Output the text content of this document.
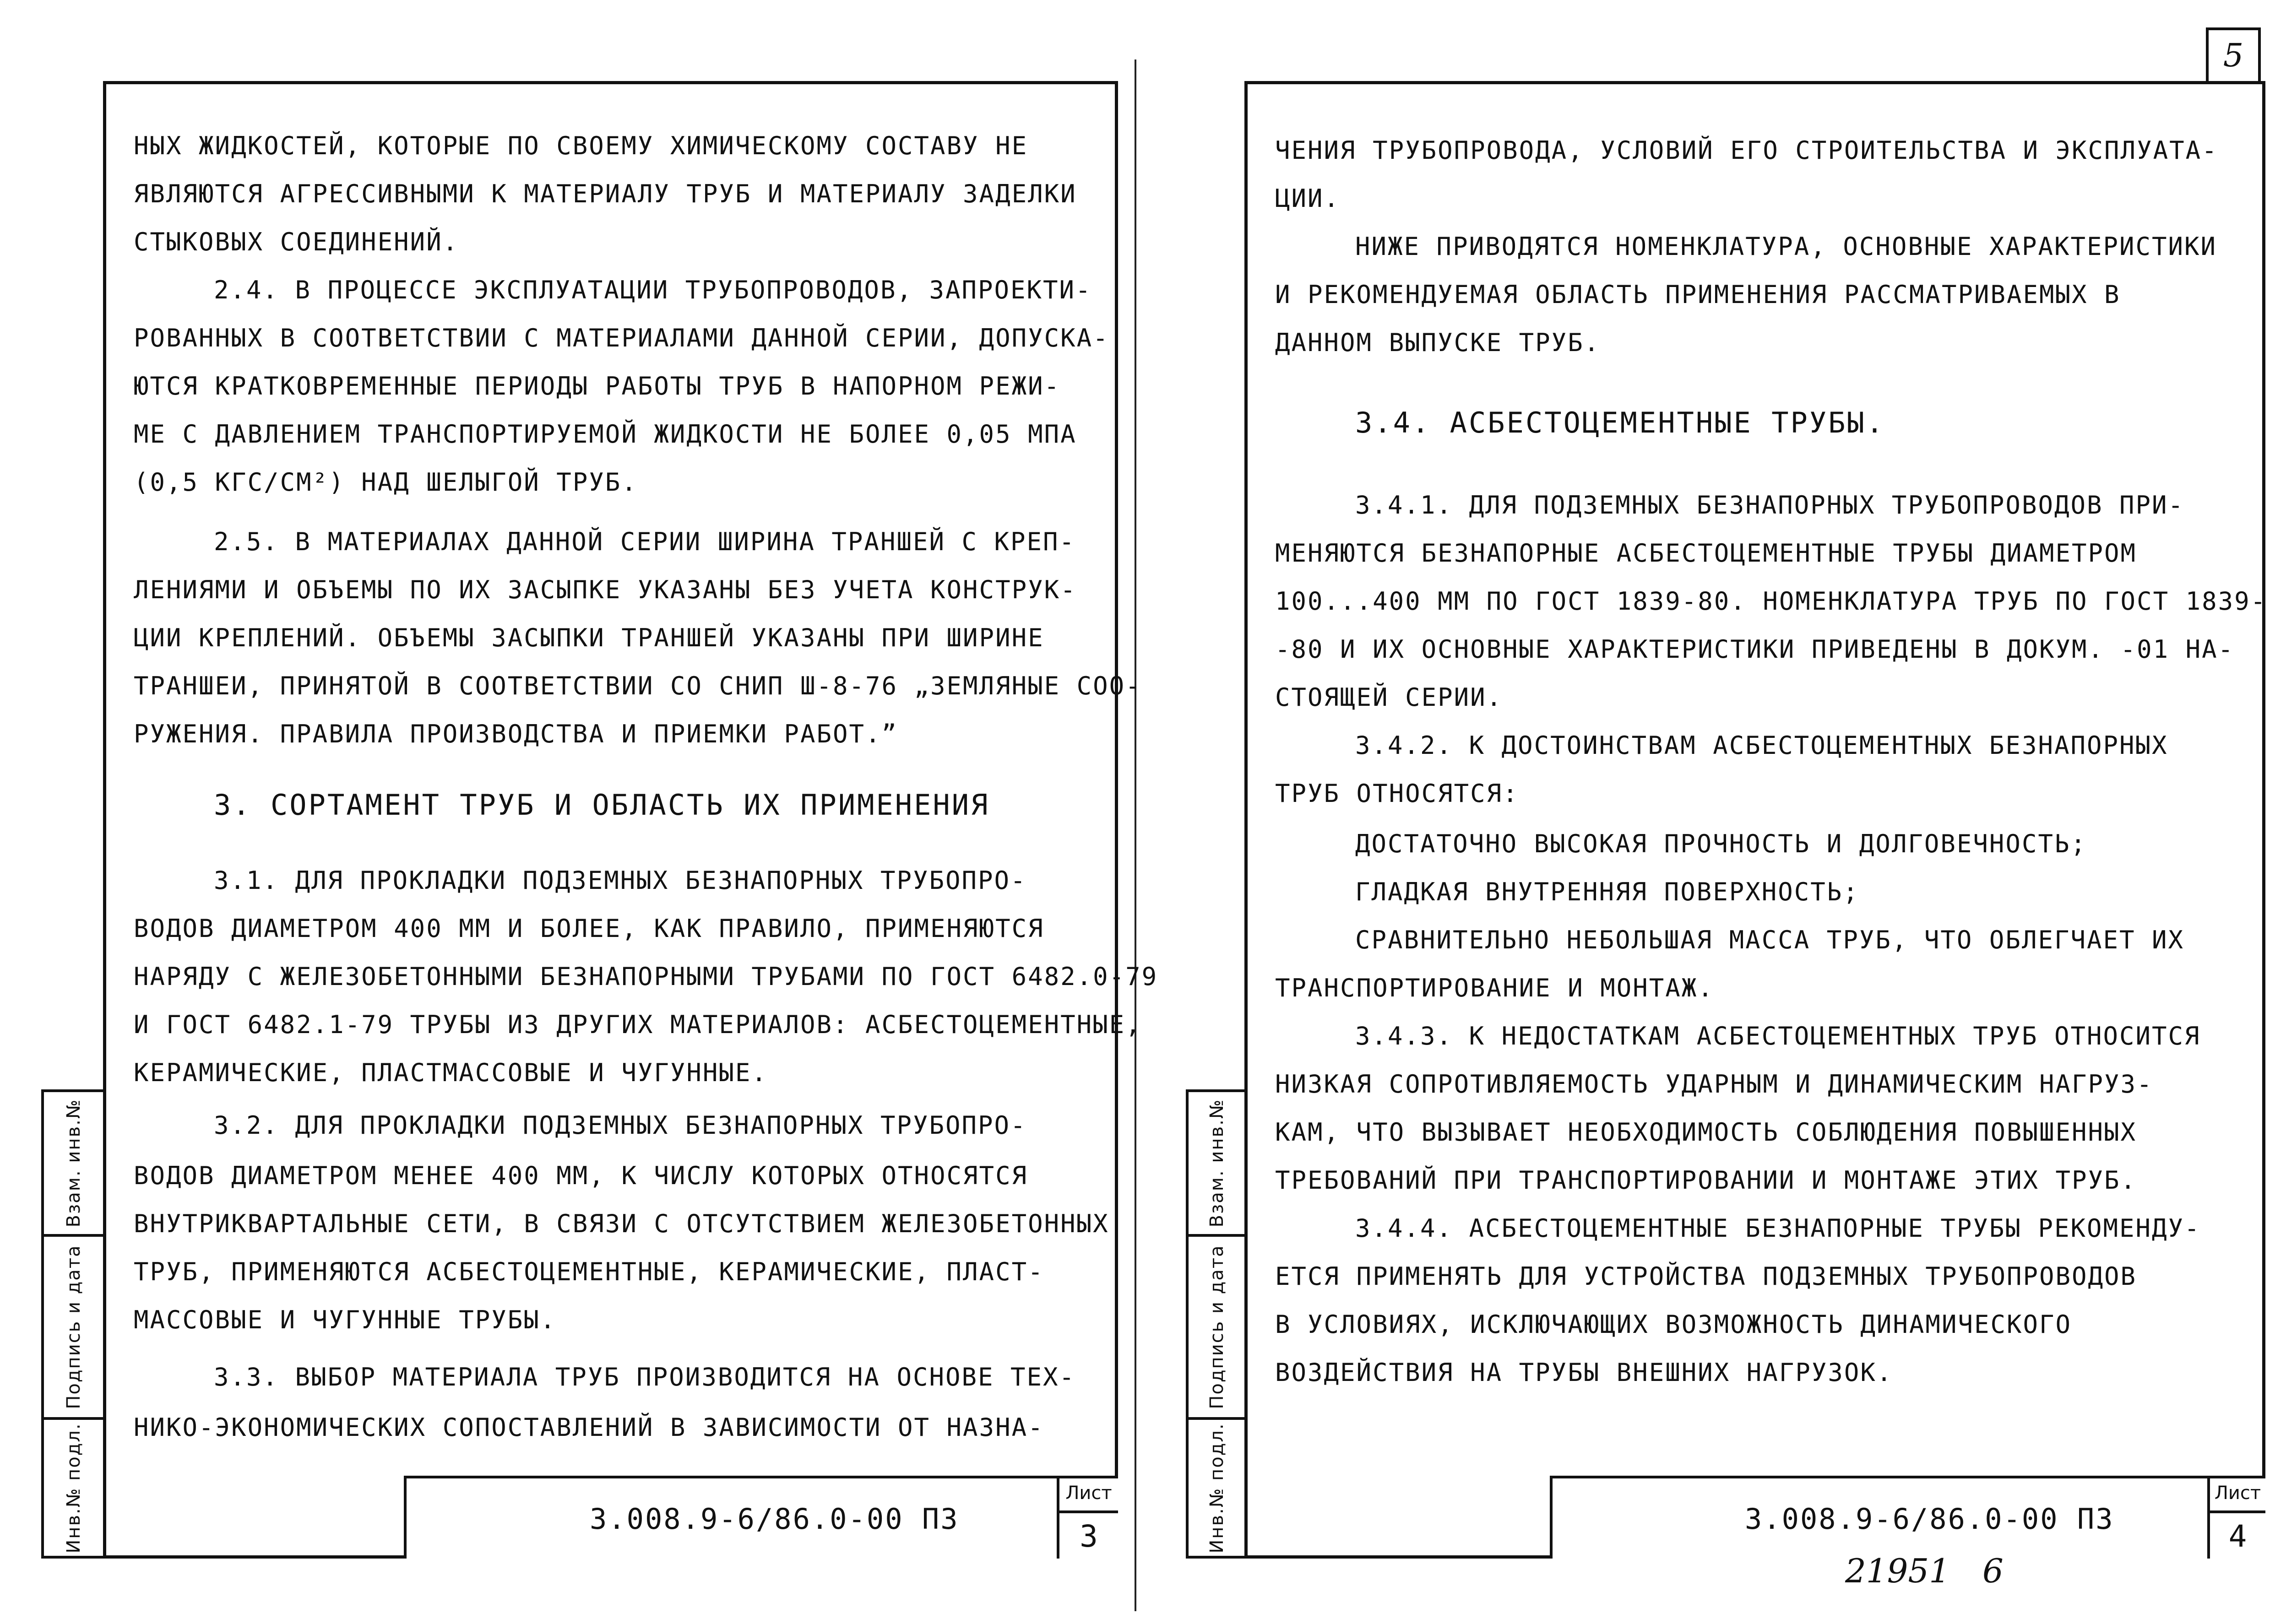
5
НЫХ ЖИДКОСТЕЙ, КОТОРЫЕ ПО СВОЕМУ ХИМИЧЕСКОМУ СОСТАВУ НЕ
ЯВЛЯЮТСЯ АГРЕССИВНЫМИ К МАТЕРИАЛУ ТРУБ И МАТЕРИАЛУ ЗАДЕЛКИ
СТЫКОВЫХ СОЕДИНЕНИЙ.
2.4. В ПРОЦЕССЕ ЭКСПЛУАТАЦИИ ТРУБОПРОВОДОВ, ЗАПРОЕКТИ-
РОВАННЫХ В СООТВЕТСТВИИ С МАТЕРИАЛАМИ ДАННОЙ СЕРИИ, ДОПУСКА-
ЮТСЯ КРАТКОВРЕМЕННЫЕ ПЕРИОДЫ РАБОТЫ ТРУБ В НАПОРНОМ РЕЖИ-
МЕ С ДАВЛЕНИЕМ ТРАНСПОРТИРУЕМОЙ ЖИДКОСТИ НЕ БОЛЕЕ 0,05 МПА
(0,5 КГС/СМ²) НАД ШЕЛЫГОЙ ТРУБ.
2.5. В МАТЕРИАЛАХ ДАННОЙ СЕРИИ ШИРИНА ТРАНШЕЙ С КРЕП-
ЛЕНИЯМИ И ОБЪЕМЫ ПО ИХ ЗАСЫПКЕ УКАЗАНЫ БЕЗ УЧЕТА КОНСТРУК-
ЦИИ КРЕПЛЕНИЙ. ОБЪЕМЫ ЗАСЫПКИ ТРАНШЕЙ УКАЗАНЫ ПРИ ШИРИНЕ
ТРАНШЕИ, ПРИНЯТОЙ В СООТВЕТСТВИИ СО СНИП Ш-8-76 „ЗЕМЛЯНЫЕ СОО-
РУЖЕНИЯ. ПРАВИЛА ПРОИЗВОДСТВА И ПРИЕМКИ РАБОТ.”
3. СОРТАМЕНТ ТРУБ И ОБЛАСТЬ ИХ ПРИМЕНЕНИЯ
3.1. ДЛЯ ПРОКЛАДКИ ПОДЗЕМНЫХ БЕЗНАПОРНЫХ ТРУБОПРО-
ВОДОВ ДИАМЕТРОМ 400 ММ И БОЛЕЕ, КАК ПРАВИЛО, ПРИМЕНЯЮТСЯ
НАРЯДУ С ЖЕЛЕЗОБЕТОННЫМИ БЕЗНАПОРНЫМИ ТРУБАМИ ПО ГОСТ 6482.0-79
И ГОСТ 6482.1-79 ТРУБЫ ИЗ ДРУГИХ МАТЕРИАЛОВ: АСБЕСТОЦЕМЕНТНЫЕ,
КЕРАМИЧЕСКИЕ, ПЛАСТМАССОВЫЕ И ЧУГУННЫЕ.
3.2. ДЛЯ ПРОКЛАДКИ ПОДЗЕМНЫХ БЕЗНАПОРНЫХ ТРУБОПРО-
ВОДОВ ДИАМЕТРОМ МЕНЕЕ 400 ММ, К ЧИСЛУ КОТОРЫХ ОТНОСЯТСЯ
ВНУТРИКВАРТАЛЬНЫЕ СЕТИ, В СВЯЗИ С ОТСУТСТВИЕМ ЖЕЛЕЗОБЕТОННЫХ
ТРУБ, ПРИМЕНЯЮТСЯ АСБЕСТОЦЕМЕНТНЫЕ, КЕРАМИЧЕСКИЕ, ПЛАСТ-
МАССОВЫЕ И ЧУГУННЫЕ ТРУБЫ.
3.3. ВЫБОР МАТЕРИАЛА ТРУБ ПРОИЗВОДИТСЯ НА ОСНОВЕ ТЕХ-
НИКО-ЭКОНОМИЧЕСКИХ СОПОСТАВЛЕНИЙ В ЗАВИСИМОСТИ ОТ НАЗНА-
3.008.9-6/86.0-00 ПЗ
Лист
3
Взам. инв.№
Подпись и дата
Инв.№ подл.
ЧЕНИЯ ТРУБОПРОВОДА, УСЛОВИЙ ЕГО СТРОИТЕЛЬСТВА И ЭКСПЛУАТА-
ЦИИ.
НИЖЕ ПРИВОДЯТСЯ НОМЕНКЛАТУРА, ОСНОВНЫЕ ХАРАКТЕРИСТИКИ
И РЕКОМЕНДУЕМАЯ ОБЛАСТЬ ПРИМЕНЕНИЯ РАССМАТРИВАЕМЫХ В
ДАННОМ ВЫПУСКЕ ТРУБ.
3.4. АСБЕСТОЦЕМЕНТНЫЕ ТРУБЫ.
3.4.1. ДЛЯ ПОДЗЕМНЫХ БЕЗНАПОРНЫХ ТРУБОПРОВОДОВ ПРИ-
МЕНЯЮТСЯ БЕЗНАПОРНЫЕ АСБЕСТОЦЕМЕНТНЫЕ ТРУБЫ ДИАМЕТРОМ
100...400 ММ ПО ГОСТ 1839-80. НОМЕНКЛАТУРА ТРУБ ПО ГОСТ 1839-
-80 И ИХ ОСНОВНЫЕ ХАРАКТЕРИСТИКИ ПРИВЕДЕНЫ В ДОКУМ. -01 НА-
СТОЯЩЕЙ СЕРИИ.
3.4.2. К ДОСТОИНСТВАМ АСБЕСТОЦЕМЕНТНЫХ БЕЗНАПОРНЫХ
ТРУБ ОТНОСЯТСЯ:
ДОСТАТОЧНО ВЫСОКАЯ ПРОЧНОСТЬ И ДОЛГОВЕЧНОСТЬ;
ГЛАДКАЯ ВНУТРЕННЯЯ ПОВЕРХНОСТЬ;
СРАВНИТЕЛЬНО НЕБОЛЬШАЯ МАССА ТРУБ, ЧТО ОБЛЕГЧАЕТ ИХ
ТРАНСПОРТИРОВАНИЕ И МОНТАЖ.
3.4.3. К НЕДОСТАТКАМ АСБЕСТОЦЕМЕНТНЫХ ТРУБ ОТНОСИТСЯ
НИЗКАЯ СОПРОТИВЛЯЕМОСТЬ УДАРНЫМ И ДИНАМИЧЕСКИМ НАГРУЗ-
КАМ, ЧТО ВЫЗЫВАЕТ НЕОБХОДИМОСТЬ СОБЛЮДЕНИЯ ПОВЫШЕННЫХ
ТРЕБОВАНИЙ ПРИ ТРАНСПОРТИРОВАНИИ И МОНТАЖЕ ЭТИХ ТРУБ.
3.4.4. АСБЕСТОЦЕМЕНТНЫЕ БЕЗНАПОРНЫЕ ТРУБЫ РЕКОМЕНДУ-
ЕТСЯ ПРИМЕНЯТЬ ДЛЯ УСТРОЙСТВА ПОДЗЕМНЫХ ТРУБОПРОВОДОВ
В УСЛОВИЯХ, ИСКЛЮЧАЮЩИХ ВОЗМОЖНОСТЬ ДИНАМИЧЕСКОГО
ВОЗДЕЙСТВИЯ НА ТРУБЫ ВНЕШНИХ НАГРУЗОК.
3.008.9-6/86.0-00 ПЗ
Лист
4
Взам. инв.№
Подпись и дата
Инв.№ подл.
21951 6
